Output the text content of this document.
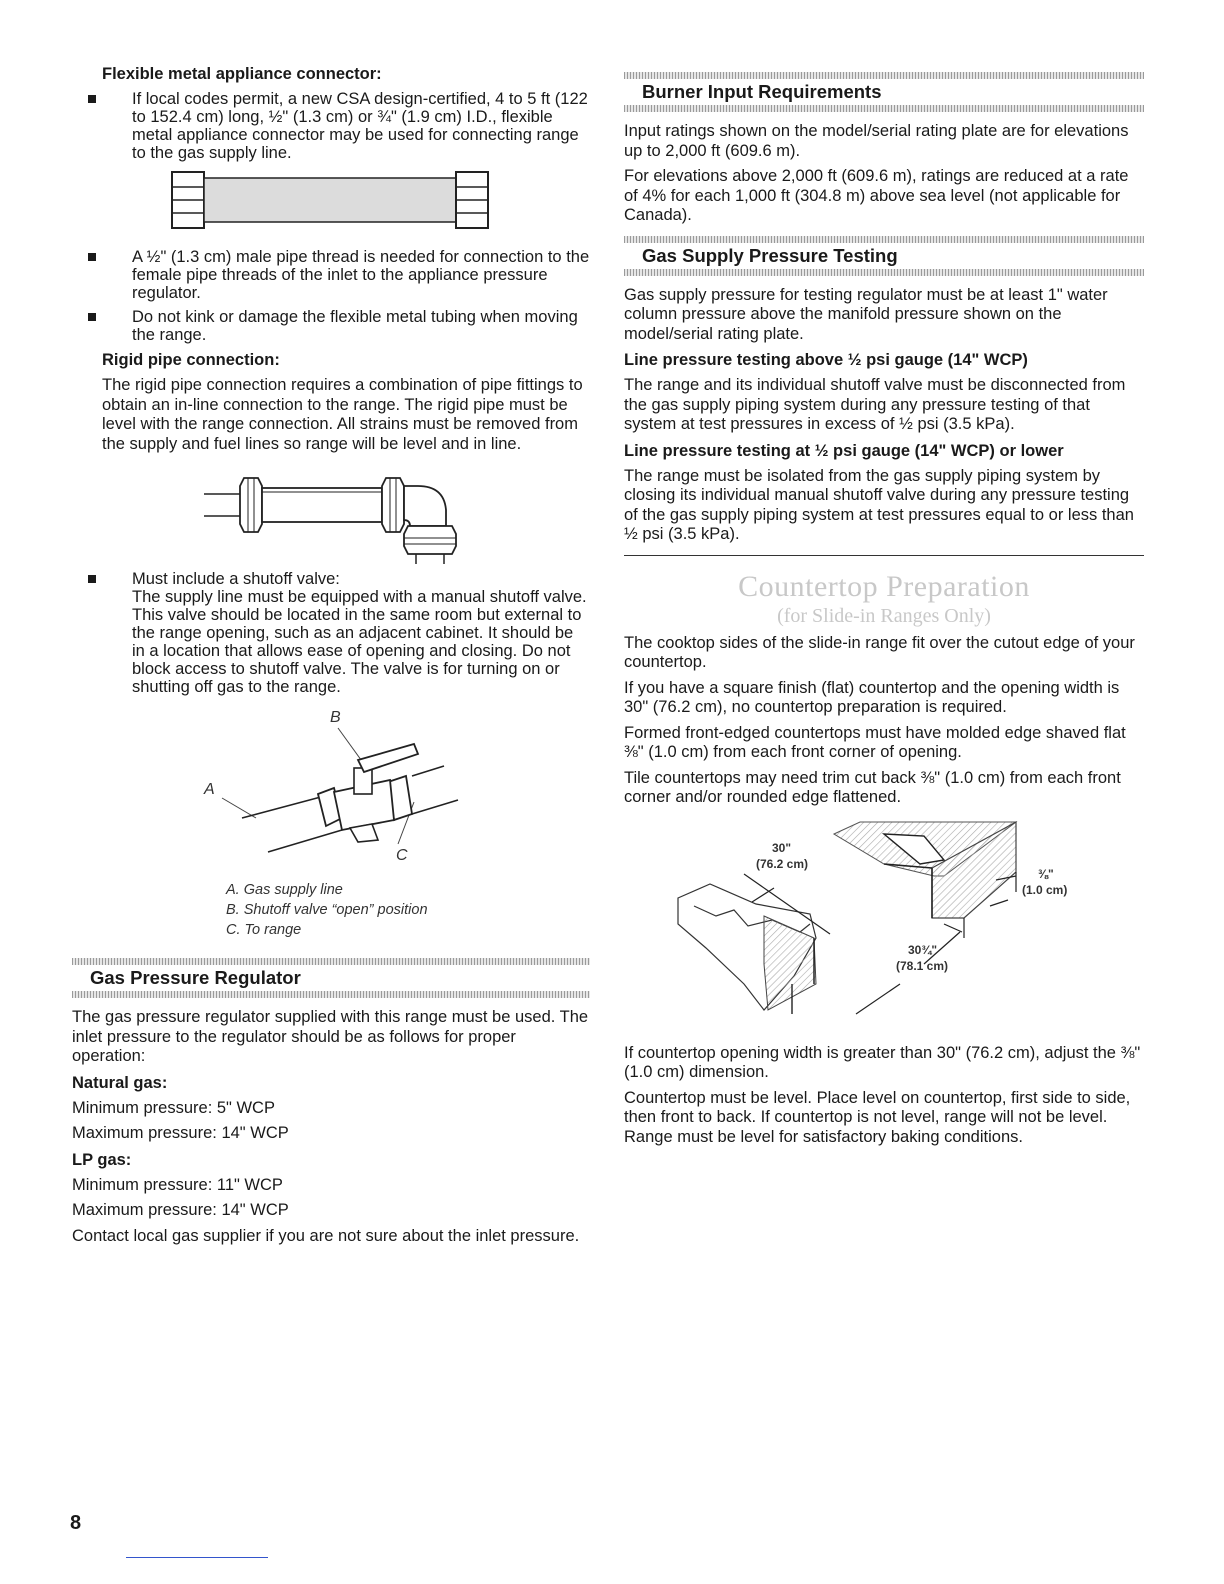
Flexible metal appliance connector:
If local codes permit, a new CSA design-certified, 4 to 5 ft (122 to 152.4 cm) long, ½" (1.3 cm) or ¾" (1.9 cm) I.D., flexible metal appliance connector may be used for connecting range to the gas supply line.
A ½" (1.3 cm) male pipe thread is needed for connection to the female pipe threads of the inlet to the appliance pressure regulator.
Do not kink or damage the flexible metal tubing when moving the range.
Rigid pipe connection:

The rigid pipe connection requires a combination of pipe fittings to obtain an in-line connection to the range. The rigid pipe must be level with the range connection. All strains must be removed from the supply and fuel lines so range will be level and in line.

Must include a shutoff valve:
The supply line must be equipped with a manual shutoff valve. This valve should be located in the same room but external to the range opening, such as an adjacent cabinet. It should be in a location that allows ease of opening and closing. Do not block access to shutoff valve. The valve is for turning on or shutting off gas to the range.
B
A
C

A. Gas supply line

B. Shutoff valve “open” position

C. To range

Gas Pressure Regulator

The gas pressure regulator supplied with this range must be used. The inlet pressure to the regulator should be as follows for proper operation:

Natural gas:

Minimum pressure: 5" WCP

Maximum pressure: 14" WCP

LP gas:

Minimum pressure: 11" WCP

Maximum pressure: 14" WCP

Contact local gas supplier if you are not sure about the inlet pressure.

Burner Input Requirements

Input ratings shown on the model/serial rating plate are for elevations up to 2,000 ft (609.6 m).

For elevations above 2,000 ft (609.6 m), ratings are reduced at a rate of 4% for each 1,000 ft (304.8 m) above sea level (not applicable for Canada).

Gas Supply Pressure Testing

Gas supply pressure for testing regulator must be at least 1" water column pressure above the manifold pressure shown on the model/serial rating plate.

Line pressure testing above ½ psi gauge (14" WCP)

The range and its individual shutoff valve must be disconnected from the gas supply piping system during any pressure testing of that system at test pressures in excess of ½ psi (3.5 kPa).

Line pressure testing at ½ psi gauge (14" WCP) or lower

The range must be isolated from the gas supply piping system by closing its individual manual shutoff valve during any pressure testing of the gas supply piping system at test pressures equal to or less than ½ psi (3.5 kPa).

Countertop Preparation
(for Slide-in Ranges Only)

The cooktop sides of the slide-in range fit over the cutout edge of your countertop.

If you have a square finish (flat) countertop and the opening width is 30" (76.2 cm), no countertop preparation is required.

Formed front-edged countertops must have molded edge shaved flat ⅜" (1.0 cm) from each front corner of opening.

Tile countertops may need trim cut back ⅜" (1.0 cm) from each front corner and/or rounded edge flattened.

30"
(76.2 cm)
⅜"
(1.0 cm)
30¾"
(78.1 cm)

If countertop opening width is greater than 30" (76.2 cm), adjust the ⅜" (1.0 cm) dimension.

Countertop must be level. Place level on countertop, first side to side, then front to back. If countertop is not level, range will not be level. Range must be level for satisfactory baking conditions.

8
